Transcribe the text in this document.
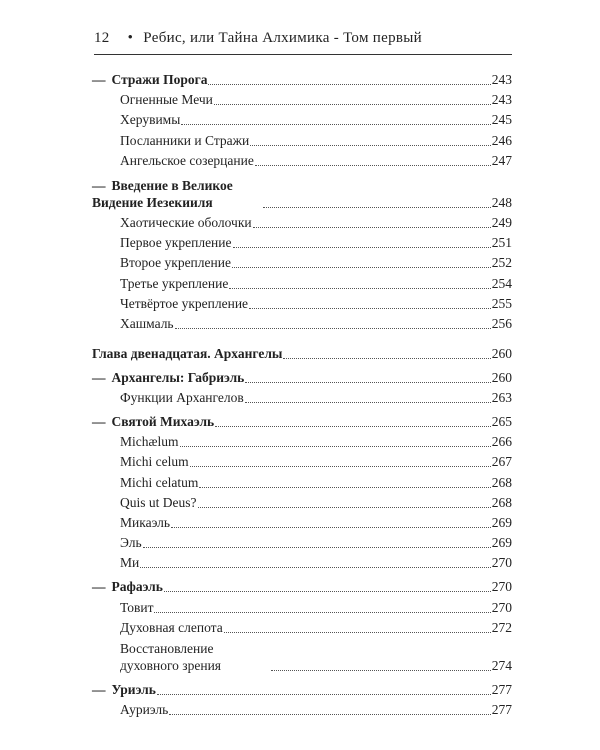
12 • Ребис, или Тайна Алхимика - Том первый
— Стражи Порога	243
Огненные Мечи	243
Херувимы	245
Посланники и Стражи	246
Ангельское созерцание	247
— Введение в Великое Видение Иезекииля	248
Хаотические оболочки	249
Первое укрепление	251
Второе укрепление	252
Третье укрепление	254
Четвёртое укрепление	255
Хашмаль	256
Глава двенадцатая. Архангелы	260
— Архангелы: Габриэль	260
Функции Архангелов	263
— Святой Михаэль	265
Michælum	266
Michi celum	267
Michi celatum	268
Quis ut Deus?	268
Микаэль	269
Эль	269
Ми	270
— Рафаэль	270
Товит	270
Духовная слепота	272
Восстановление духовного зрения	274
— Уриэль	277
Ауриэль	277
